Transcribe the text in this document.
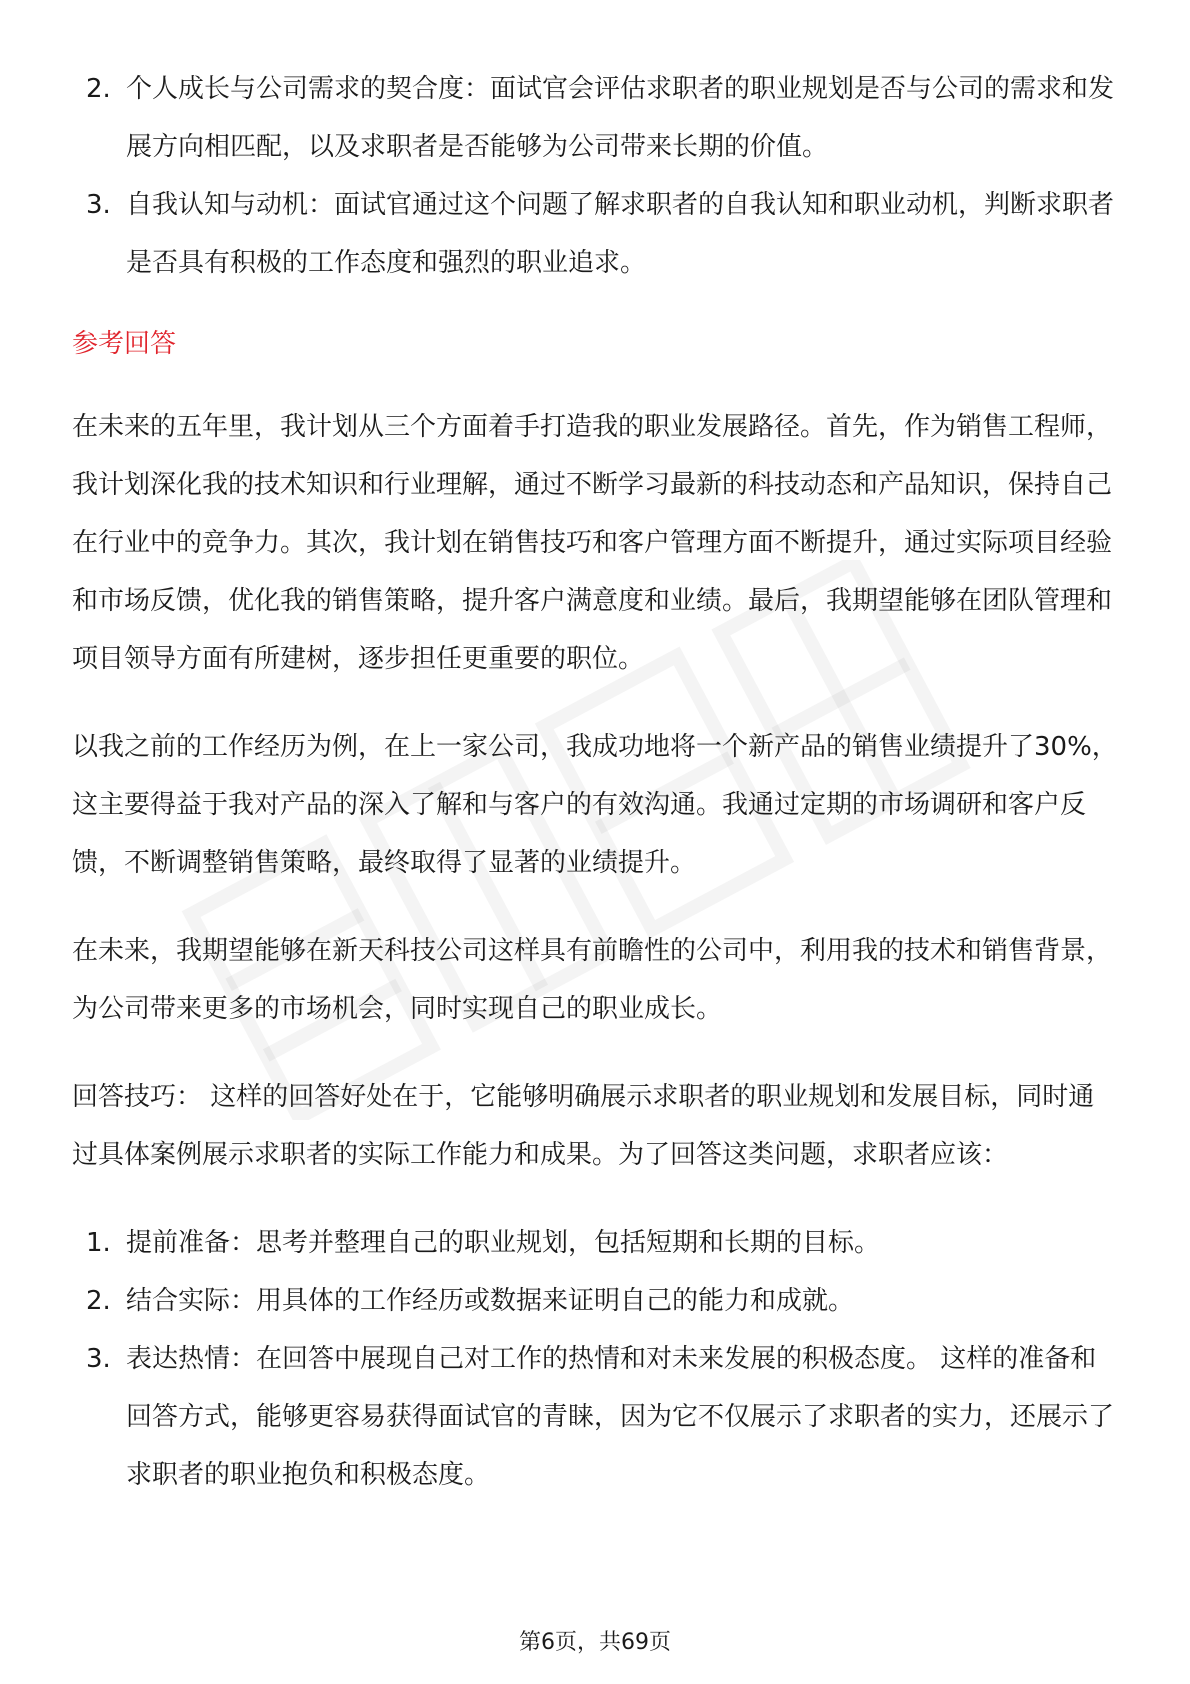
2. 个人成长与公司需求的契合度：面试官会评估求职者的职业规划是否与公司的需求和发展方向相匹配，以及求职者是否能够为公司带来长期的价值。
3. 自我认知与动机：面试官通过这个问题了解求职者的自我认知和职业动机，判断求职者是否具有积极的工作态度和强烈的职业追求。
参考回答

在未来的五年里，我计划从三个方面着手打造我的职业发展路径。首先，作为销售工程师，我计划深化我的技术知识和行业理解，通过不断学习最新的科技动态和产品知识，保持自己在行业中的竞争力。其次，我计划在销售技巧和客户管理方面不断提升，通过实际项目经验和市场反馈，优化我的销售策略，提升客户满意度和业绩。最后，我期望能够在团队管理和项目领导方面有所建树，逐步担任更重要的职位。

以我之前的工作经历为例，在上一家公司，我成功地将一个新产品的销售业绩提升了30%，这主要得益于我对产品的深入了解和与客户的有效沟通。我通过定期的市场调研和客户反馈，不断调整销售策略，最终取得了显著的业绩提升。

在未来，我期望能够在新天科技公司这样具有前瞻性的公司中，利用我的技术和销售背景，为公司带来更多的市场机会，同时实现自己的职业成长。

回答技巧： 这样的回答好处在于，它能够明确展示求职者的职业规划和发展目标，同时通过具体案例展示求职者的实际工作能力和成果。为了回答这类问题，求职者应该：

1. 提前准备：思考并整理自己的职业规划，包括短期和长期的目标。
2. 结合实际：用具体的工作经历或数据来证明自己的能力和成就。
3. 表达热情：在回答中展现自己对工作的热情和对未来发展的积极态度。 这样的准备和回答方式，能够更容易获得面试官的青睐，因为它不仅展示了求职者的实力，还展示了求职者的职业抱负和积极态度。
第6页，共69页
